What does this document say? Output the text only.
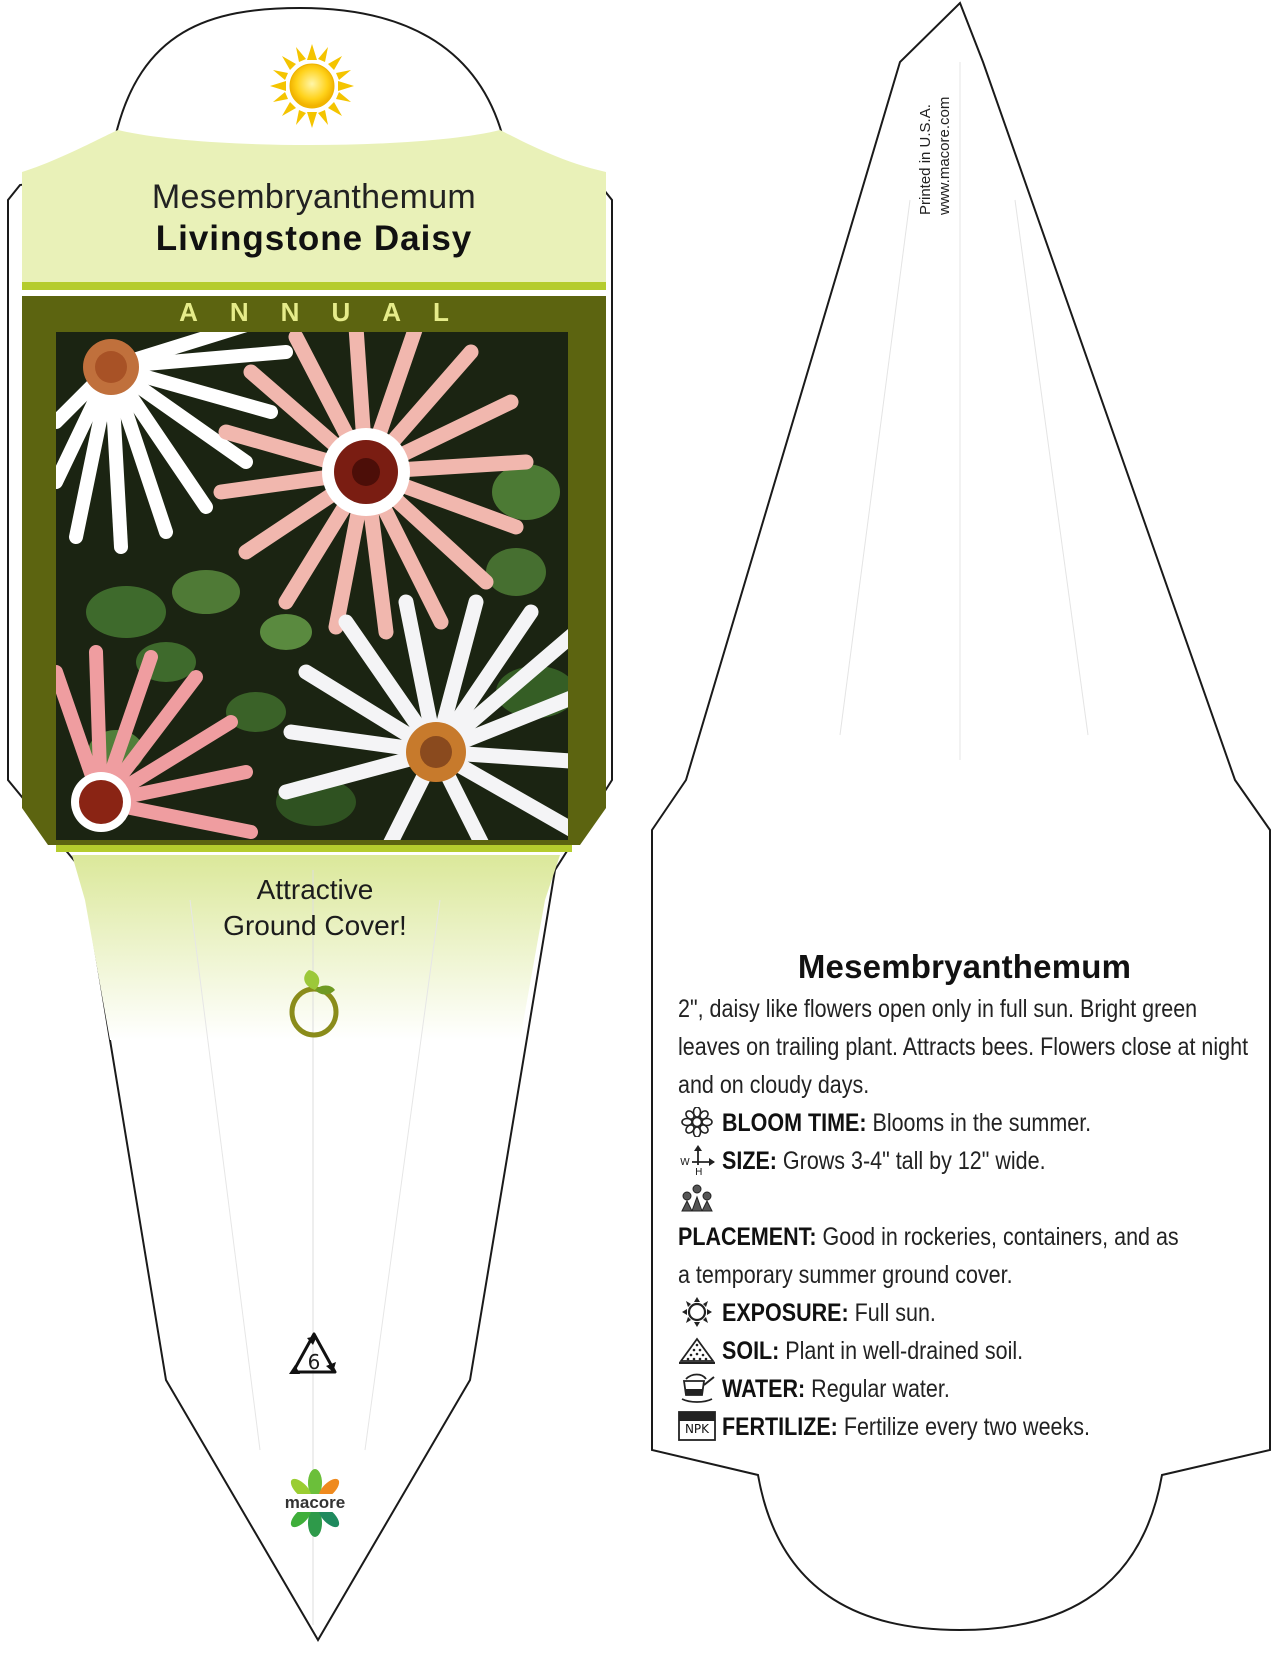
Mesembryanthemum
Livingstone Daisy
ANNUAL
Attractive
Ground Cover!
6
macore
Printed in U.S.A. www.macore.com
Mesembryanthemum
2", daisy like flowers open only in full sun. Bright green leaves on trailing plant. Attracts bees. Flowers close at night and on cloudy days.
BLOOM TIME: Blooms in the summer.
W
H SIZE: Grows 3-4" tall by 12" wide.
PLACEMENT: Good in rockeries, containers, and as
a temporary summer ground cover.
EXPOSURE: Full sun.
SOIL: Plant in well-drained soil.
WATER: Regular water.
NPK FERTILIZE: Fertilize every two weeks.
